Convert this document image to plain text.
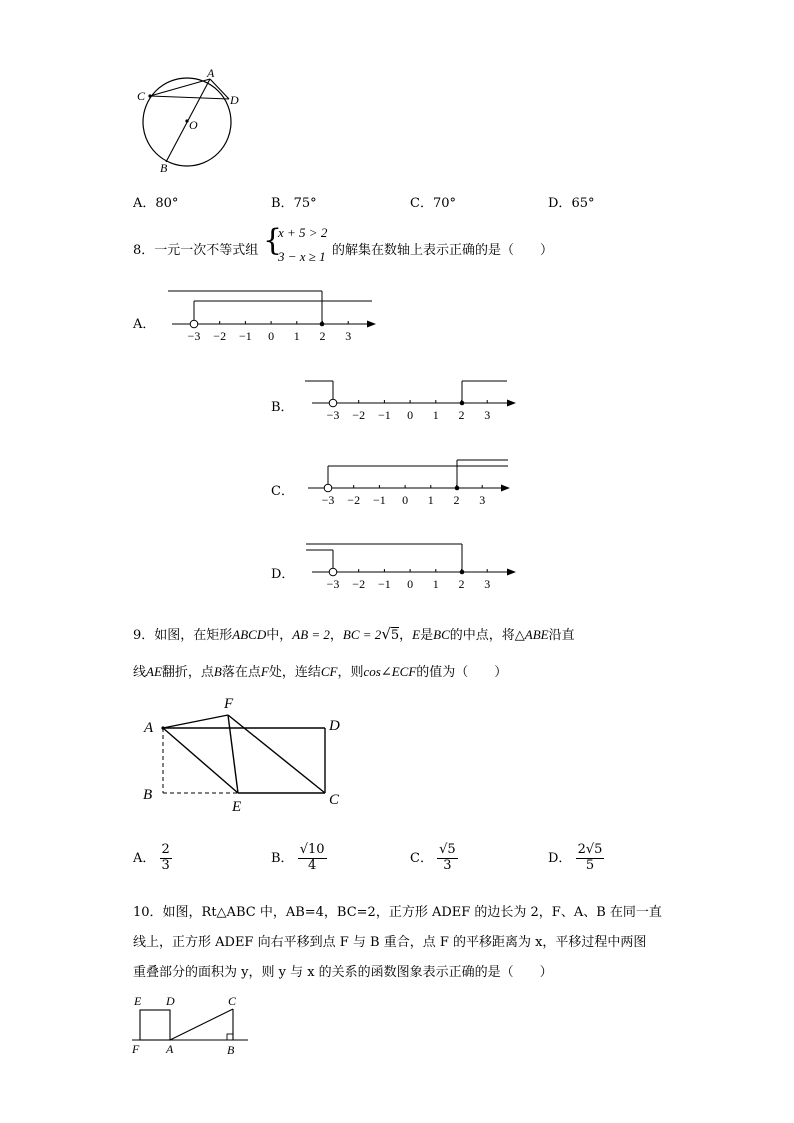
A
C	D
O
B
A．80°	B．75°	C．70°	D．65°
8．一元一次不等式组 {
x + 5 > 2
3 − x ≥ 1 的解集在数轴上表示正确的是（　　）
A．
B．
C．
D．
−3 −2 −1 0 1 2 3
−3 −2 −1 0 1 2 3
−3 −2 −1 0 1 2 3
−3 −2 −1 0 1 2 3
9．如图，在矩形ABCD中，AB = 2，BC = 2√5，E是BC的中点，将△ABE沿直
线AE翻折，点B落在点F处，连结CF，则cos∠ECF的值为（　　）
A
F
D
B
E	C
A． $\frac{2}{3}$	B． $\frac{√10}{4}$	C． $\frac{√5}{3}$	D． $\frac{2√5}{5}$
10．如图，Rt△ABC 中，AB=4，BC=2，正方形 ADEF 的边长为 2，F、A、B 在同一直
线上，正方形 ADEF 向右平移到点 F 与 B 重合，点 F 的平移距离为 x，平移过程中两图
重叠部分的面积为 y，则 y 与 x 的关系的函数图象表示正确的是（　　）
E D	C
F A	B
